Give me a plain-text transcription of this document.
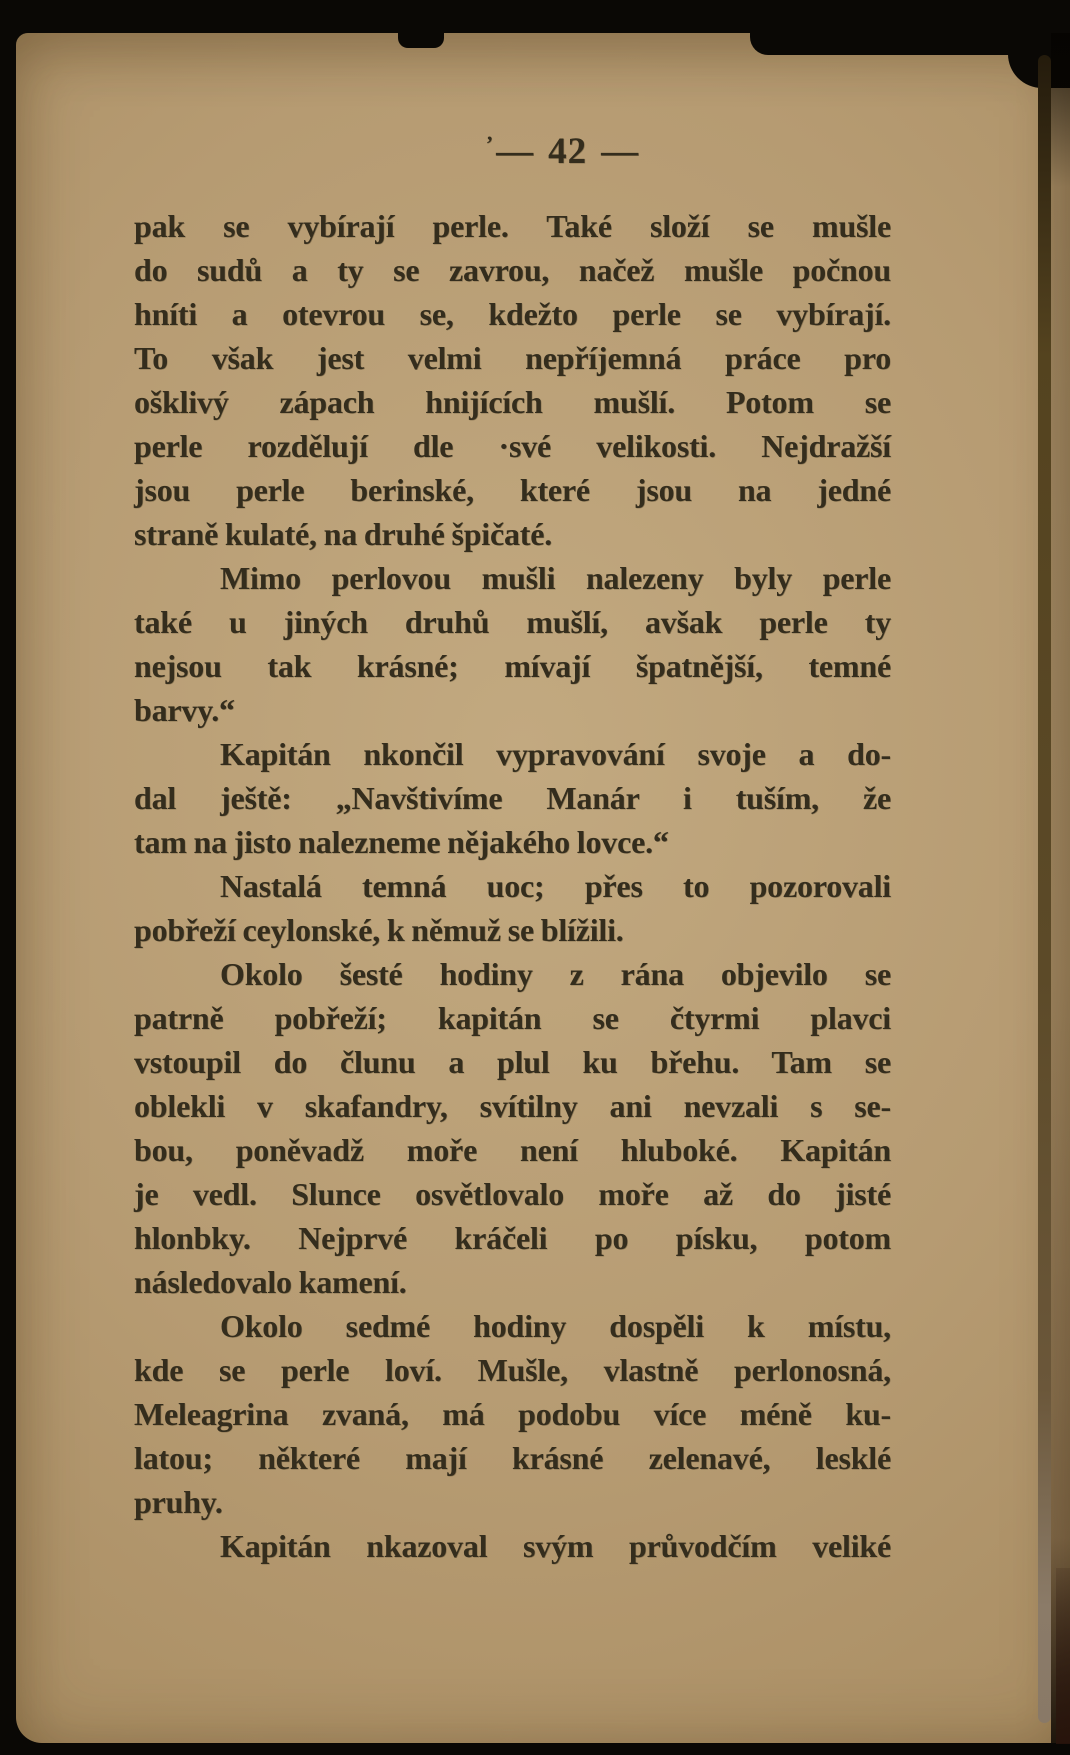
’— 42 —
pak se vybírají perle. Také složí se mušle
do sudů a ty se zavrou, načež mušle počnou
hníti a otevrou se, kdežto perle se vybírají.
To však jest velmi nepříjemná práce pro
ošklivý zápach hnijících mušlí. Potom se
perle rozdělují dle ·své velikosti. Nejdražší
jsou perle berinské, které jsou na jedné
straně kulaté, na druhé špičaté.
Mimo perlovou mušli nalezeny byly perle
také u jiných druhů mušlí, avšak perle ty
nejsou tak krásné; mívají špatnější, temné
barvy.“
Kapitán nkončil vypravování svoje a do-
dal ještě: „Navštivíme Manár i tuším, že
tam na jisto nalezneme nějakého lovce.“
Nastalá temná uoc; přes to pozorovali
pobřeží ceylonské, k němuž se blížili.
Okolo šesté hodiny z rána objevilo se
patrně pobřeží; kapitán se čtyrmi plavci
vstoupil do člunu a plul ku břehu. Tam se
oblekli v skafandry, svítilny ani nevzali s se-
bou, poněvadž moře není hluboké. Kapitán
je vedl. Slunce osvětlovalo moře až do jisté
hlonbky. Nejprvé kráčeli po písku, potom
následovalo kamení.
Okolo sedmé hodiny dospěli k místu,
kde se perle loví. Mušle, vlastně perlonosná,
Meleagrina zvaná, má podobu více méně ku-
latou; některé mají krásné zelenavé, lesklé
pruhy.
Kapitán nkazoval svým průvodčím veliké
